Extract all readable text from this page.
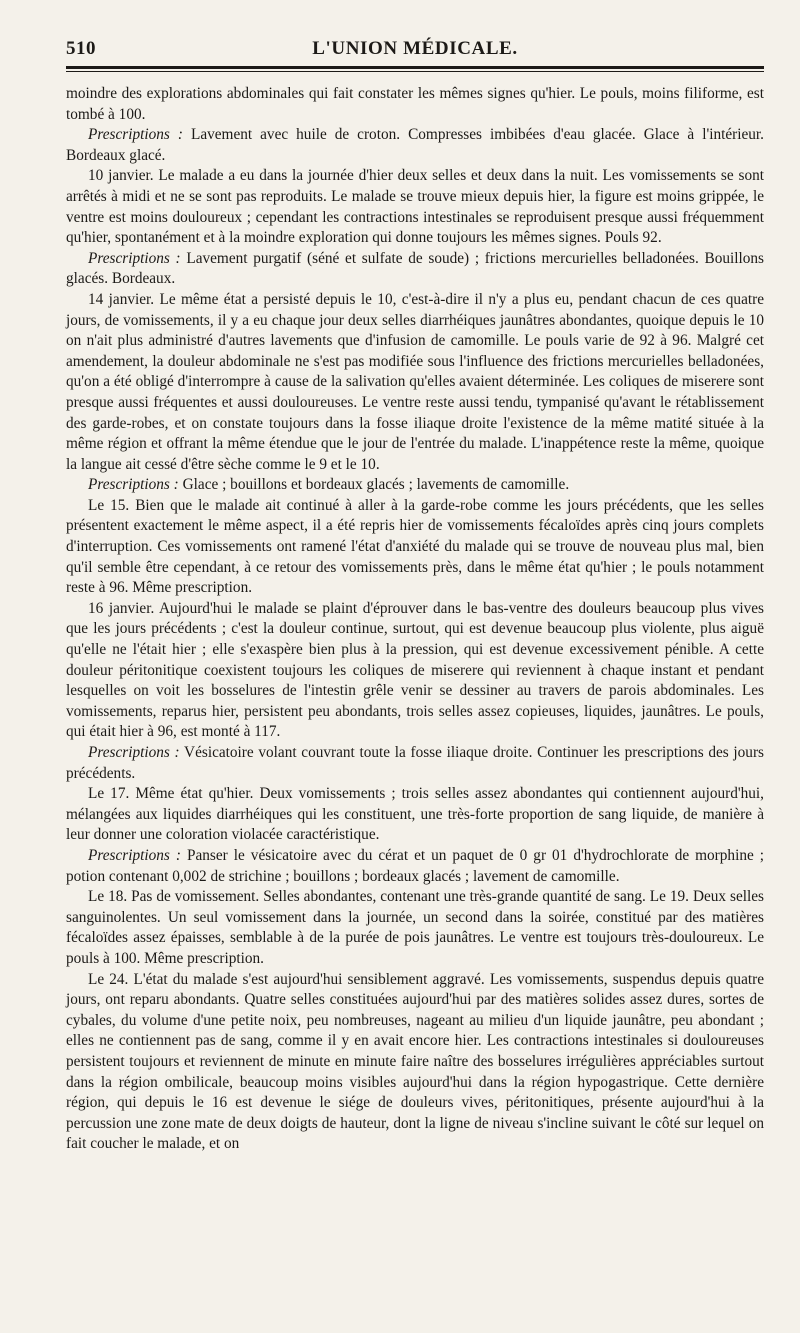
510	L'UNION MÉDICALE.

moindre des explorations abdominales qui fait constater les mêmes signes qu'hier. Le pouls, moins filiforme, est tombé à 100.

Prescriptions : Lavement avec huile de croton. Compresses imbibées d'eau glacée. Glace à l'intérieur. Bordeaux glacé.

10 janvier. Le malade a eu dans la journée d'hier deux selles et deux dans la nuit. Les vomissements se sont arrêtés à midi et ne se sont pas reproduits. Le malade se trouve mieux depuis hier, la figure est moins grippée, le ventre est moins douloureux ; cependant les contractions intestinales se reproduisent presque aussi fréquemment qu'hier, spontanément et à la moindre exploration qui donne toujours les mêmes signes. Pouls 92.

Prescriptions : Lavement purgatif (séné et sulfate de soude) ; frictions mercurielles belladonées. Bouillons glacés. Bordeaux.

14 janvier. Le même état a persisté depuis le 10, c'est-à-dire il n'y a plus eu, pendant chacun de ces quatre jours, de vomissements, il y a eu chaque jour deux selles diarrhéiques jaunâtres abondantes, quoique depuis le 10 on n'ait plus administré d'autres lavements que d'infusion de camomille. Le pouls varie de 92 à 96. Malgré cet amendement, la douleur abdominale ne s'est pas modifiée sous l'influence des frictions mercurielles belladonées, qu'on a été obligé d'interrompre à cause de la salivation qu'elles avaient déterminée. Les coliques de miserere sont presque aussi fréquentes et aussi douloureuses. Le ventre reste aussi tendu, tympanisé qu'avant le rétablissement des garde-robes, et on constate toujours dans la fosse iliaque droite l'existence de la même matité située à la même région et offrant la même étendue que le jour de l'entrée du malade. L'inappétence reste la même, quoique la langue ait cessé d'être sèche comme le 9 et le 10.

Prescriptions : Glace ; bouillons et bordeaux glacés ; lavements de camomille.

Le 15. Bien que le malade ait continué à aller à la garde-robe comme les jours précédents, que les selles présentent exactement le même aspect, il a été repris hier de vomissements fécaloïdes après cinq jours complets d'interruption. Ces vomissements ont ramené l'état d'anxiété du malade qui se trouve de nouveau plus mal, bien qu'il semble être cependant, à ce retour des vomissements près, dans le même état qu'hier ; le pouls notamment reste à 96. Même prescription.

16 janvier. Aujourd'hui le malade se plaint d'éprouver dans le bas-ventre des douleurs beaucoup plus vives que les jours précédents ; c'est la douleur continue, surtout, qui est devenue beaucoup plus violente, plus aiguë qu'elle ne l'était hier ; elle s'exaspère bien plus à la pression, qui est devenue excessivement pénible. A cette douleur péritonitique coexistent toujours les coliques de miserere qui reviennent à chaque instant et pendant lesquelles on voit les bosselures de l'intestin grêle venir se dessiner au travers de parois abdominales. Les vomissements, reparus hier, persistent peu abondants, trois selles assez copieuses, liquides, jaunâtres. Le pouls, qui était hier à 96, est monté à 117.

Prescriptions : Vésicatoire volant couvrant toute la fosse iliaque droite. Continuer les prescriptions des jours précédents.

Le 17. Même état qu'hier. Deux vomissements ; trois selles assez abondantes qui contiennent aujourd'hui, mélangées aux liquides diarrhéiques qui les constituent, une très-forte proportion de sang liquide, de manière à leur donner une coloration violacée caractéristique.

Prescriptions : Panser le vésicatoire avec du cérat et un paquet de 0 gr 01 d'hydrochlorate de morphine ; potion contenant 0,002 de strichine ; bouillons ; bordeaux glacés ; lavement de camomille.

Le 18. Pas de vomissement. Selles abondantes, contenant une très-grande quantité de sang. Le 19. Deux selles sanguinolentes. Un seul vomissement dans la journée, un second dans la soirée, constitué par des matières fécaloïdes assez épaisses, semblable à de la purée de pois jaunâtres. Le ventre est toujours très-douloureux. Le pouls à 100. Même prescription.

Le 24. L'état du malade s'est aujourd'hui sensiblement aggravé. Les vomissements, suspendus depuis quatre jours, ont reparu abondants. Quatre selles constituées aujourd'hui par des matières solides assez dures, sortes de cybales, du volume d'une petite noix, peu nombreuses, nageant au milieu d'un liquide jaunâtre, peu abondant ; elles ne contiennent pas de sang, comme il y en avait encore hier. Les contractions intestinales si douloureuses persistent toujours et reviennent de minute en minute faire naître des bosselures irrégulières appréciables surtout dans la région ombilicale, beaucoup moins visibles aujourd'hui dans la région hypogastrique. Cette dernière région, qui depuis le 16 est devenue le siége de douleurs vives, péritonitiques, présente aujourd'hui à la percussion une zone mate de deux doigts de hauteur, dont la ligne de niveau s'incline suivant le côté sur lequel on fait coucher le malade, et on
